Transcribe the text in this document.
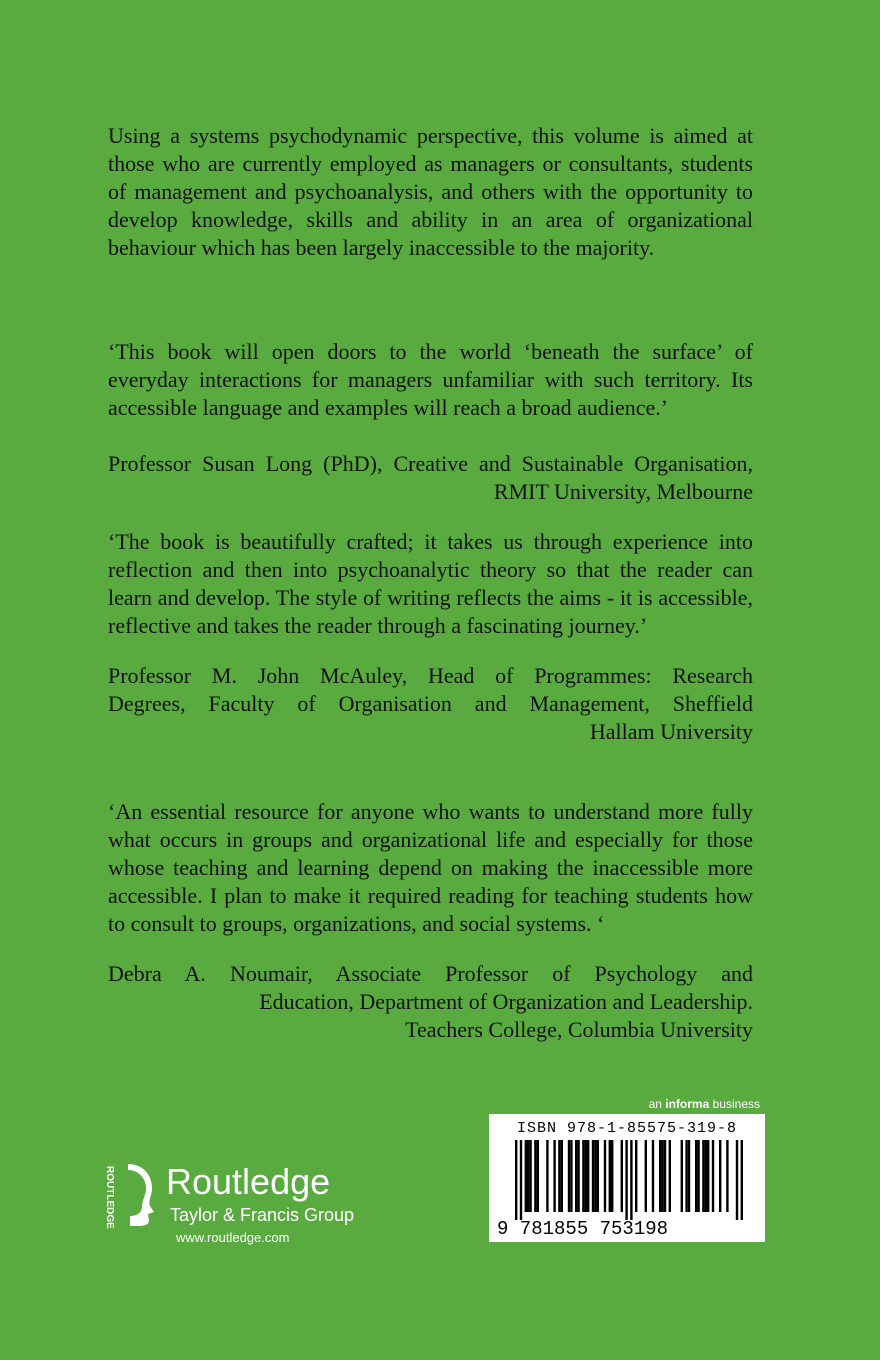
Using a systems psychodynamic perspective, this volume is aimed at those who are currently employed as managers or consultants, students of management and psychoanalysis, and others with the opportunity to develop knowledge, skills and ability in an area of organizational behaviour which has been largely inaccessible to the majority.

‘This book will open doors to the world ‘beneath the surface’ of everyday interactions for managers unfamiliar with such territory. Its accessible language and examples will reach a broad audience.’

Professor Susan Long (PhD), Creative and Sustainable Organisation,
RMIT University, Melbourne

‘The book is beautifully crafted; it takes us through experience into reflection and then into psychoanalytic theory so that the reader can learn and develop. The style of writing reflects the aims - it is accessible, reflective and takes the reader through a fascinating journey.’

Professor M. John McAuley, Head of Programmes: Research
Degrees, Faculty of Organisation and Management, Sheffield
Hallam University

‘An essential resource for anyone who wants to understand more fully what occurs in groups and organizational life and especially for those whose teaching and learning depend on making the inaccessible more accessible. I plan to make it required reading for teaching students how to consult to groups, organizations, and social systems. ‘

Debra A. Noumair, Associate Professor of Psychology and
Education, Department of Organization and Leadership.
Teachers College, Columbia University
ROUTLEDGE Routledge
Taylor & Francis Group
www.routledge.com
an informa business
ISBN 978-1-85575-319-8
9 781855 753198
